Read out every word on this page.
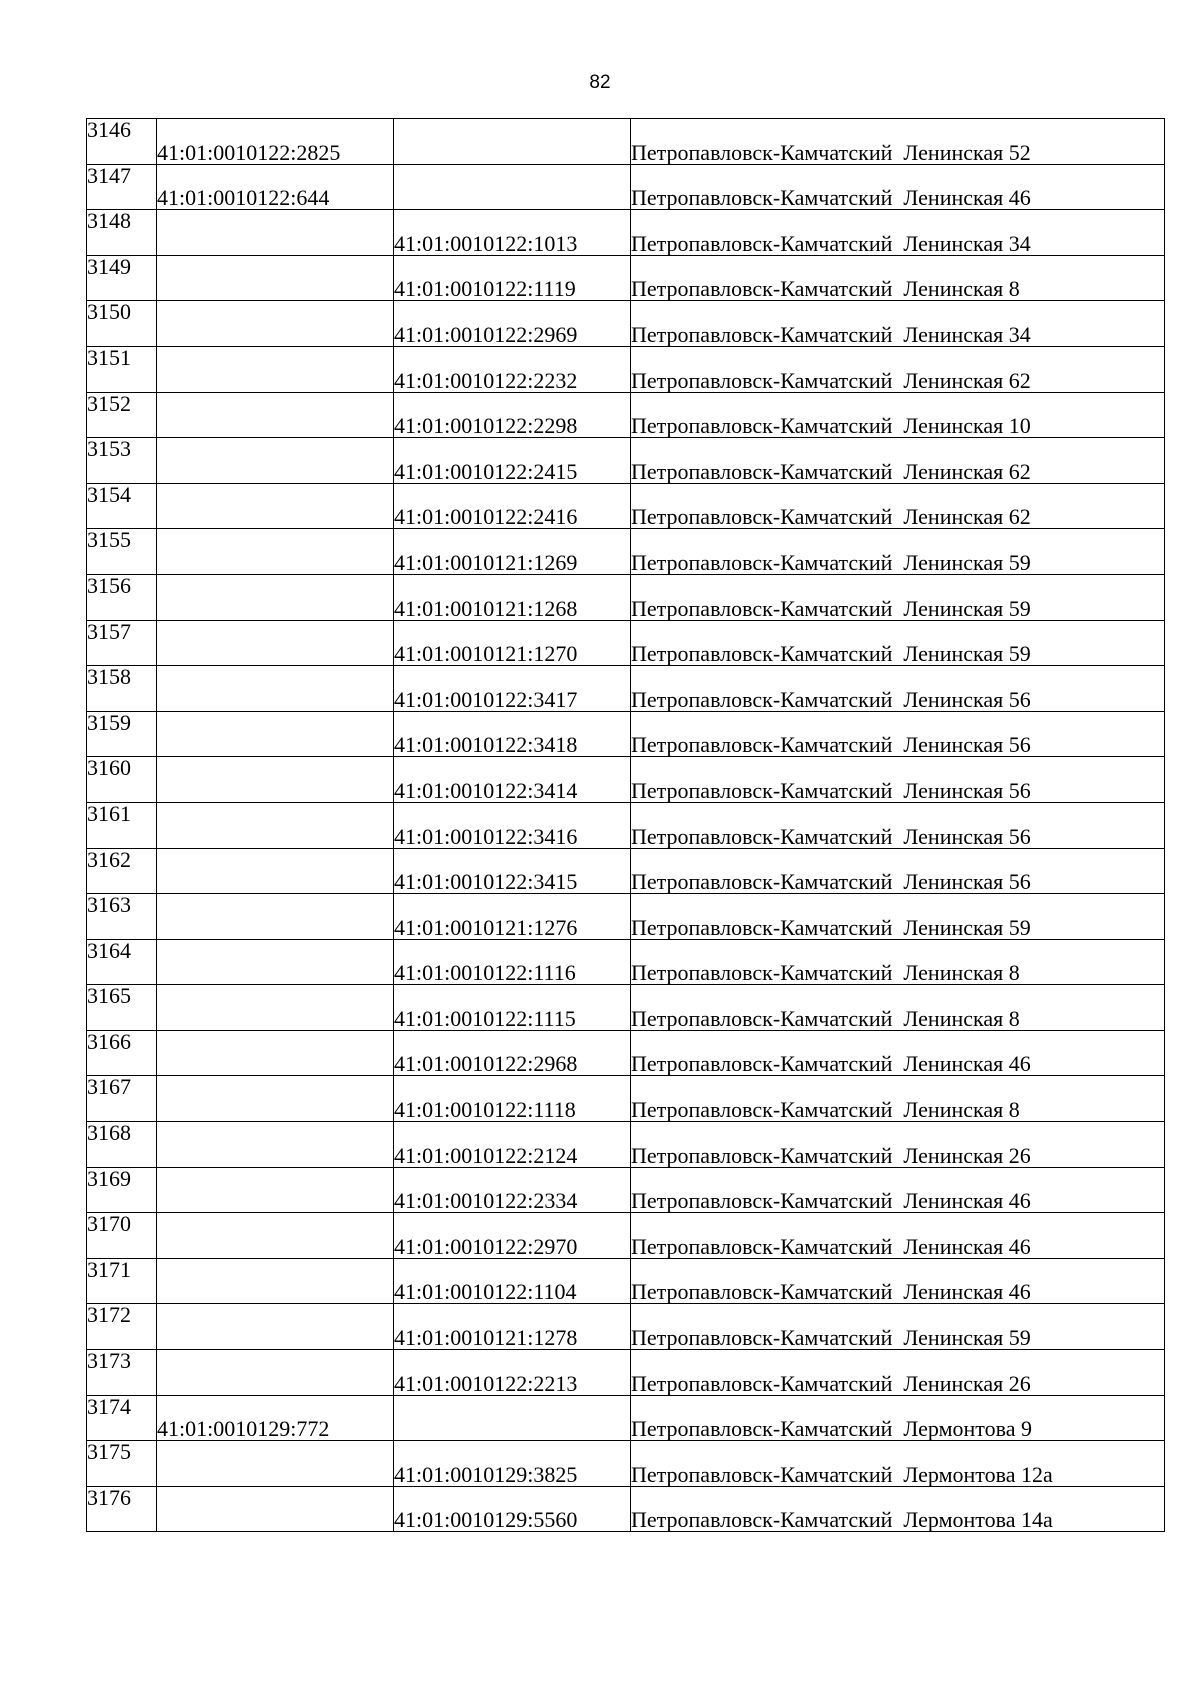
82
3146	41:01:0010122:2825		Петропавловск-Камчатский  Ленинская 52
3147	41:01:0010122:644		Петропавловск-Камчатский  Ленинская 46
3148		41:01:0010122:1013	Петропавловск-Камчатский  Ленинская 34
3149		41:01:0010122:1119	Петропавловск-Камчатский  Ленинская 8
3150		41:01:0010122:2969	Петропавловск-Камчатский  Ленинская 34
3151		41:01:0010122:2232	Петропавловск-Камчатский  Ленинская 62
3152		41:01:0010122:2298	Петропавловск-Камчатский  Ленинская 10
3153		41:01:0010122:2415	Петропавловск-Камчатский  Ленинская 62
3154		41:01:0010122:2416	Петропавловск-Камчатский  Ленинская 62
3155		41:01:0010121:1269	Петропавловск-Камчатский  Ленинская 59
3156		41:01:0010121:1268	Петропавловск-Камчатский  Ленинская 59
3157		41:01:0010121:1270	Петропавловск-Камчатский  Ленинская 59
3158		41:01:0010122:3417	Петропавловск-Камчатский  Ленинская 56
3159		41:01:0010122:3418	Петропавловск-Камчатский  Ленинская 56
3160		41:01:0010122:3414	Петропавловск-Камчатский  Ленинская 56
3161		41:01:0010122:3416	Петропавловск-Камчатский  Ленинская 56
3162		41:01:0010122:3415	Петропавловск-Камчатский  Ленинская 56
3163		41:01:0010121:1276	Петропавловск-Камчатский  Ленинская 59
3164		41:01:0010122:1116	Петропавловск-Камчатский  Ленинская 8
3165		41:01:0010122:1115	Петропавловск-Камчатский  Ленинская 8
3166		41:01:0010122:2968	Петропавловск-Камчатский  Ленинская 46
3167		41:01:0010122:1118	Петропавловск-Камчатский  Ленинская 8
3168		41:01:0010122:2124	Петропавловск-Камчатский  Ленинская 26
3169		41:01:0010122:2334	Петропавловск-Камчатский  Ленинская 46
3170		41:01:0010122:2970	Петропавловск-Камчатский  Ленинская 46
3171		41:01:0010122:1104	Петропавловск-Камчатский  Ленинская 46
3172		41:01:0010121:1278	Петропавловск-Камчатский  Ленинская 59
3173		41:01:0010122:2213	Петропавловск-Камчатский  Ленинская 26
3174	41:01:0010129:772		Петропавловск-Камчатский  Лермонтова 9
3175		41:01:0010129:3825	Петропавловск-Камчатский  Лермонтова 12а
3176		41:01:0010129:5560	Петропавловск-Камчатский  Лермонтова 14а
